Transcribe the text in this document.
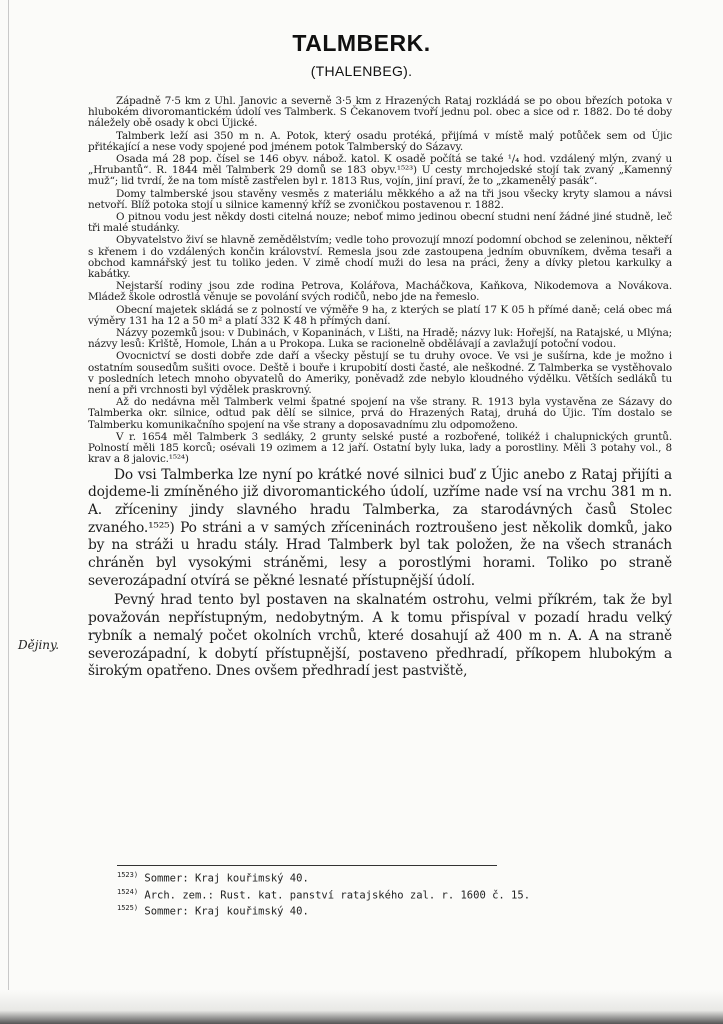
TALMBERK.
(THALENBEG).
Dějiny.

Západně 7·5 km z Uhl. Janovic a severně 3·5 km z Hrazených Rataj rozkládá se po obou březích potoka v hlubokém divoromantickém údolí ves Talmberk. S Čekanovem tvoří jednu pol. obec a sice od r. 1882. Do té doby náležely obě osady k obci Újické.

Talmberk leží asi 350 m n. A. Potok, který osadu protéká, přijímá v místě malý potůček sem od Újic přitékající a nese vody spojené pod jménem potok Talmberský do Sázavy.

Osada má 28 pop. čísel se 146 obyv. nábož. katol. K osadě počítá se také ¹/₄ hod. vzdálený mlýn, zvaný u „Hrubantů“. R. 1844 měl Talmberk 29 domů se 183 obyv.¹⁵²³) U cesty mrchojedské stojí tak zvaný „Kamenný muž“; lid tvrdí, že na tom místě zastřelen byl r. 1813 Rus, vojín, jiní praví, že to „zkamenělý pasák“.

Domy talmberské jsou stavěny vesměs z materiálu měkkého a až na tři jsou všecky kryty slamou a návsi netvoří. Blíž potoka stojí u silnice kamenný kříž se zvoničkou postavenou r. 1882.

O pitnou vodu jest někdy dosti citelná nouze; neboť mimo jedinou obecní studni není žádné jiné studně, leč tři malé studánky.

Obyvatelstvo živí se hlavně zemědělstvím; vedle toho provozují mnozí podomní obchod se zeleninou, někteří s křenem i do vzdálených končin království. Remesla jsou zde zastoupena jedním obuvníkem, dvěma tesaři a obchod kamnářský jest tu toliko jeden. V zimě chodí muži do lesa na práci, ženy a dívky pletou karkulky a kabátky.

Nejstarší rodiny jsou zde rodina Petrova, Kolářova, Macháčkova, Kaňkova, Nikodemova a Novákova. Mládež škole odrostlá věnuje se povolání svých rodičů, nebo jde na řemeslo.

Obecní majetek skládá se z polností ve výměře 9 ha, z kterých se platí 17 K 05 h přímé daně; celá obec má výměry 131 ha 12 a 50 m² a platí 332 K 48 h přímých daní.

Názvy pozemků jsou: v Dubinách, v Kopaninách, v Lišti, na Hradě; názvy luk: Hořejší, na Ratajské, u Mlýna; názvy lesů: Krlště, Homole, Lhán a u Prokopa. Luka se racionelně obdělávají a zavlažují potoční vodou.

Ovocnictví se dosti dobře zde daří a všecky pěstují se tu druhy ovoce. Ve vsi je sušírna, kde je možno i ostatním sousedům sušiti ovoce. Deště i bouře i krupobití dosti časté, ale neškodné. Z Talmberka se vystěhovalo v posledních letech mnoho obyvatelů do Ameriky, poněvadž zde nebylo kloudného výdělku. Větších sedláků tu není a při vrchnosti byl výdělek praskrovný.

Až do nedávna měl Talmberk velmi špatné spojení na vše strany. R. 1913 byla vystavěna ze Sázavy do Talmberka okr. silnice, odtud pak dělí se silnice, prvá do Hrazených Rataj, druhá do Újic. Tím dostalo se Talmberku komunikačního spojení na vše strany a doposavadnímu zlu odpomoženo.

V r. 1654 měl Talmberk 3 sedláky, 2 grunty selské pusté a rozbořené, tolikéž i chalupnických gruntů. Polností měli 185 korců; osévali 19 ozimem a 12 jaří. Ostatní byly luka, lady a porostliny. Měli 3 potahy vol., 8 krav a 8 jalovic.¹⁵²⁴)

Do vsi Talmberka lze nyní po krátké nové silnici buď z Újic anebo z Rataj přijíti a dojdeme-li zmíněného již divoromantického údolí, uzříme nade vsí na vrchu 381 m n. A. zříceniny jindy slavného hradu Talmberka, za starodávných časů Stolec zvaného.¹⁵²⁵) Po stráni a v samých zříceninách roztroušeno jest několik domků, jako by na stráži u hradu stály. Hrad Talmberk byl tak položen, že na všech stranách chráněn byl vysokými stráněmi, lesy a porostlými horami. Toliko po straně severozápadní otvírá se pěkné lesnaté přístupnější údolí.

Pevný hrad tento byl postaven na skalnatém ostrohu, velmi příkrém, tak že byl považován nepřístupným, nedobytným. A k tomu přispíval v pozadí hradu velký rybník a nemalý počet okolních vrchů, které dosahují až 400 m n. A. A na straně severozápadní, k dobytí přístupnější, postaveno předhradí, příkopem hlubokým a širokým opatřeno. Dnes ovšem předhradí jest pastviště,

$^{1523)}$ Sommer: Kraj kouřimský 40.
$^{1524)}$ Arch. zem.: Rust. kat. panství ratajského zal. r. 1600 č. 15.
$^{1525)}$ Sommer: Kraj kouřimský 40.
